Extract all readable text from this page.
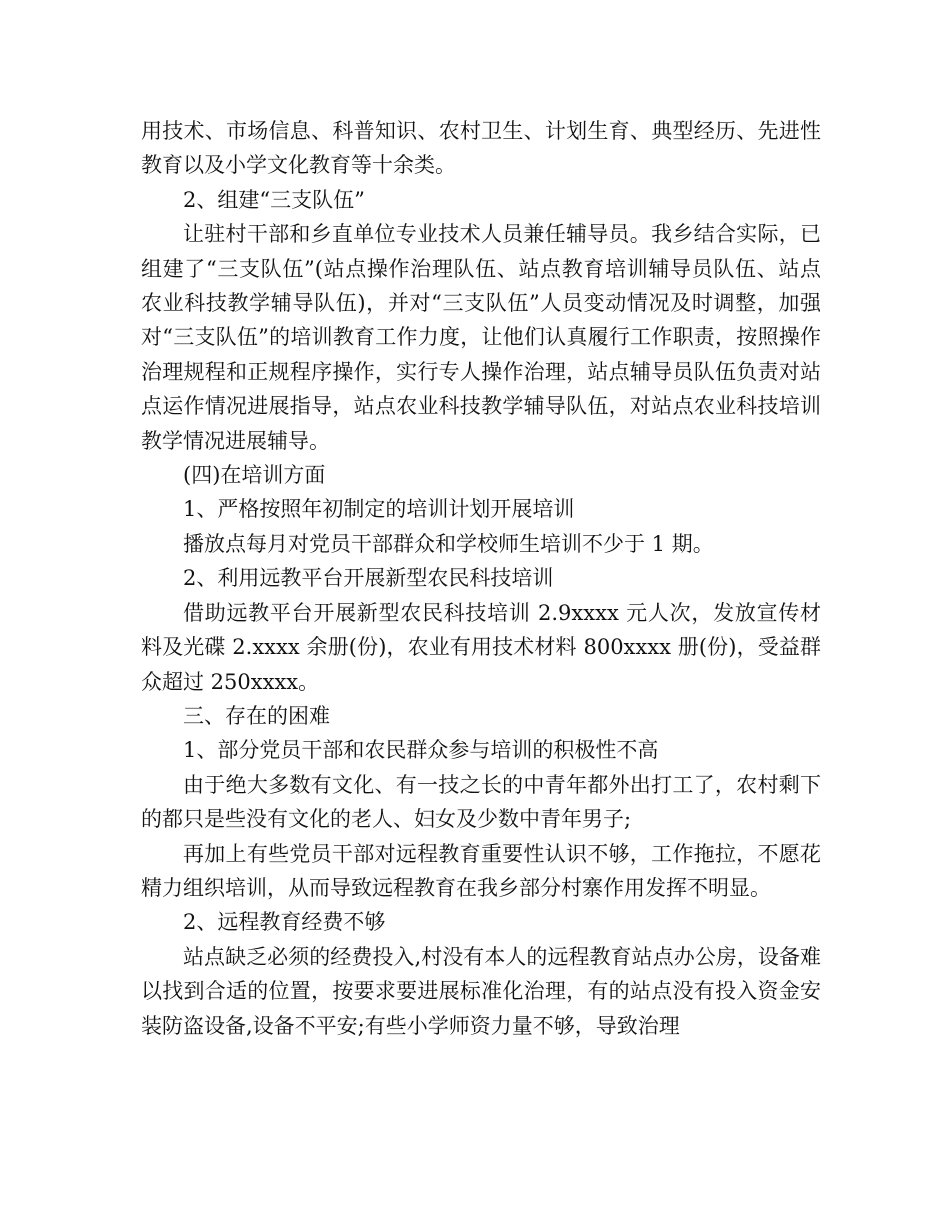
用技术、市场信息、科普知识、农村卫生、计划生育、典型经历、先进性教育以及小学文化教育等十余类。

2、组建“三支队伍”

让驻村干部和乡直单位专业技术人员兼任辅导员。我乡结合实际，已组建了“三支队伍”(站点操作治理队伍、站点教育培训辅导员队伍、站点农业科技教学辅导队伍)，并对“三支队伍”人员变动情况及时调整，加强对“三支队伍”的培训教育工作力度，让他们认真履行工作职责，按照操作治理规程和正规程序操作，实行专人操作治理，站点辅导员队伍负责对站点运作情况进展指导，站点农业科技教学辅导队伍，对站点农业科技培训教学情况进展辅导。

(四)在培训方面

1、严格按照年初制定的培训计划开展培训

播放点每月对党员干部群众和学校师生培训不少于 1 期。

2、利用远教平台开展新型农民科技培训

借助远教平台开展新型农民科技培训 2.9xxxx 元人次，发放宣传材料及光碟 2.xxxx 余册(份)，农业有用技术材料 800xxxx 册(份)，受益群众超过 250xxxx。

三、存在的困难

1、部分党员干部和农民群众参与培训的积极性不高

由于绝大多数有文化、有一技之长的中青年都外出打工了，农村剩下的都只是些没有文化的老人、妇女及少数中青年男子;

再加上有些党员干部对远程教育重要性认识不够，工作拖拉，不愿花精力组织培训，从而导致远程教育在我乡部分村寨作用发挥不明显。

2、远程教育经费不够

站点缺乏必须的经费投入,村没有本人的远程教育站点办公房，设备难以找到合适的位置，按要求要进展标准化治理，有的站点没有投入资金安装防盗设备,设备不平安;有些小学师资力量不够，导致治理
